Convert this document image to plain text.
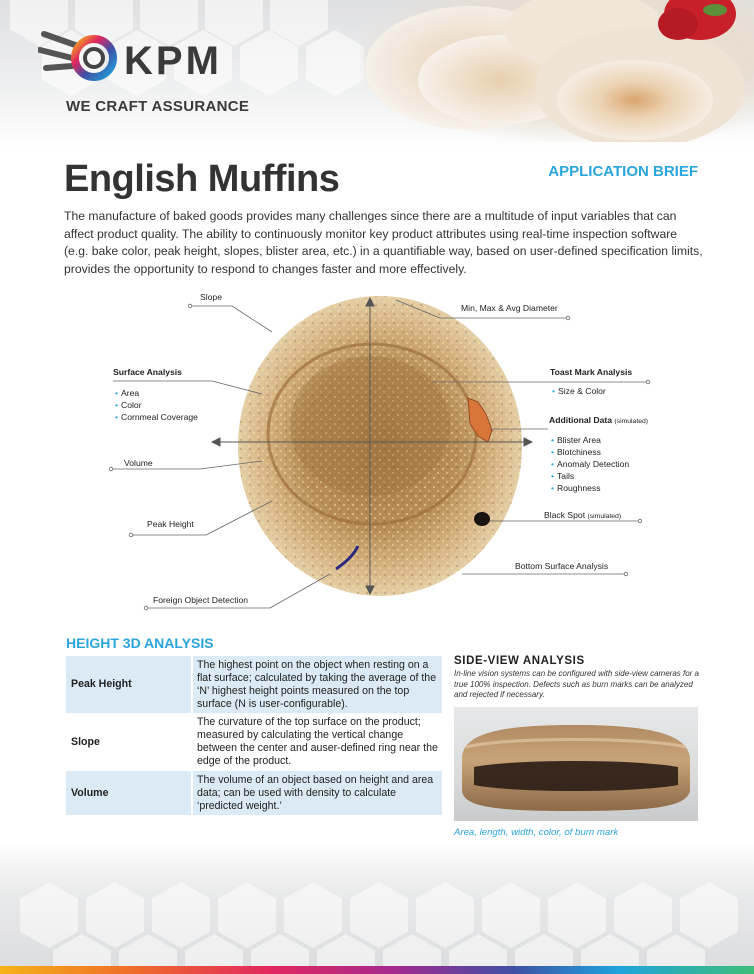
KPM
WE CRAFT ASSURANCE
English Muffins	APPLICATION BRIEF
The manufacture of baked goods provides many challenges since there are a multitude of input variables that can affect product quality. The ability to continuously monitor key product attributes using real-time inspection software (e.g. bake color, peak height, slopes, blister area, etc.) in a quantifiable way, based on user-defined specification limits, provides the opportunity to respond to changes faster and more effectively.
Slope
Min, Max & Avg Diameter
Surface Analysis
• Area
• Color
• Cornmeal Coverage
Toast Mark Analysis
• Size & Color
Additional Data (simulated)
• Blister Area
• Blotchiness
• Anomaly Detection
• Tails
• Roughness
Volume
Peak Height
Black Spot (simulated)
Bottom Surface Analysis
Foreign Object Detection
HEIGHT 3D ANALYSIS
Peak Height	The highest point on the object when resting on a flat surface; calculated by taking the average of the ‘N’ highest height points measured on the top surface (N is user-configurable).
Slope	The curvature of the top surface on the product; measured by calculating the vertical change between the center and auser-defined ring near the edge of the product.
Volume	The volume of an object based on height and area data; can be used with density to calculate ‘predicted weight.’
SIDE-VIEW ANALYSIS
In-line vision systems can be configured with side-view cameras for a true 100% inspection. Defects such as burn marks can be analyzed and rejected if necessary.
Area, length, width, color, of burn mark
